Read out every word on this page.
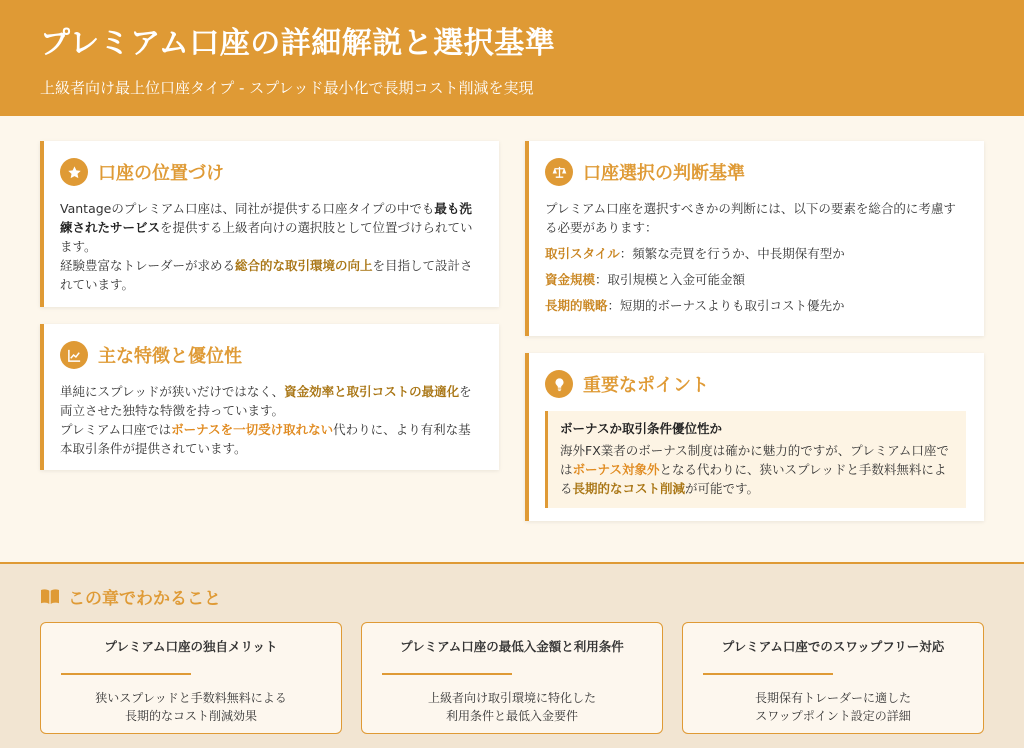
プレミアム口座の詳細解説と選択基準
上級者向け最上位口座タイプ - スプレッド最小化で長期コスト削減を実現
口座の位置づけ
Vantageのプレミアム口座は、同社が提供する口座タイプの中でも最も洗練されたサービスを提供する上級者向けの選択肢として位置づけられています。
経験豊富なトレーダーが求める総合的な取引環境の向上を目指して設計されています。
主な特徴と優位性
単純にスプレッドが狭いだけではなく、資金効率と取引コストの最適化を両立させた独特な特徴を持っています。
プレミアム口座ではボーナスを一切受け取れない代わりに、より有利な基本取引条件が提供されています。
口座選択の判断基準
プレミアム口座を選択すべきかの判断には、以下の要素を総合的に考慮する必要があります：
取引スタイル：頻繁な売買を行うか、中長期保有型か
資金規模：取引規模と入金可能金額
長期的戦略：短期的ボーナスよりも取引コスト優先か
重要なポイント
ボーナスか取引条件優位性か
海外FX業者のボーナス制度は確かに魅力的ですが、プレミアム口座ではボーナス対象外となる代わりに、狭いスプレッドと手数料無料による長期的なコスト削減が可能です。
この章でわかること
プレミアム口座の独自メリット
狭いスプレッドと手数料無料による
長期的なコスト削減効果
プレミアム口座の最低入金額と利用条件
上級者向け取引環境に特化した
利用条件と最低入金要件
プレミアム口座でのスワップフリー対応
長期保有トレーダーに適した
スワップポイント設定の詳細
